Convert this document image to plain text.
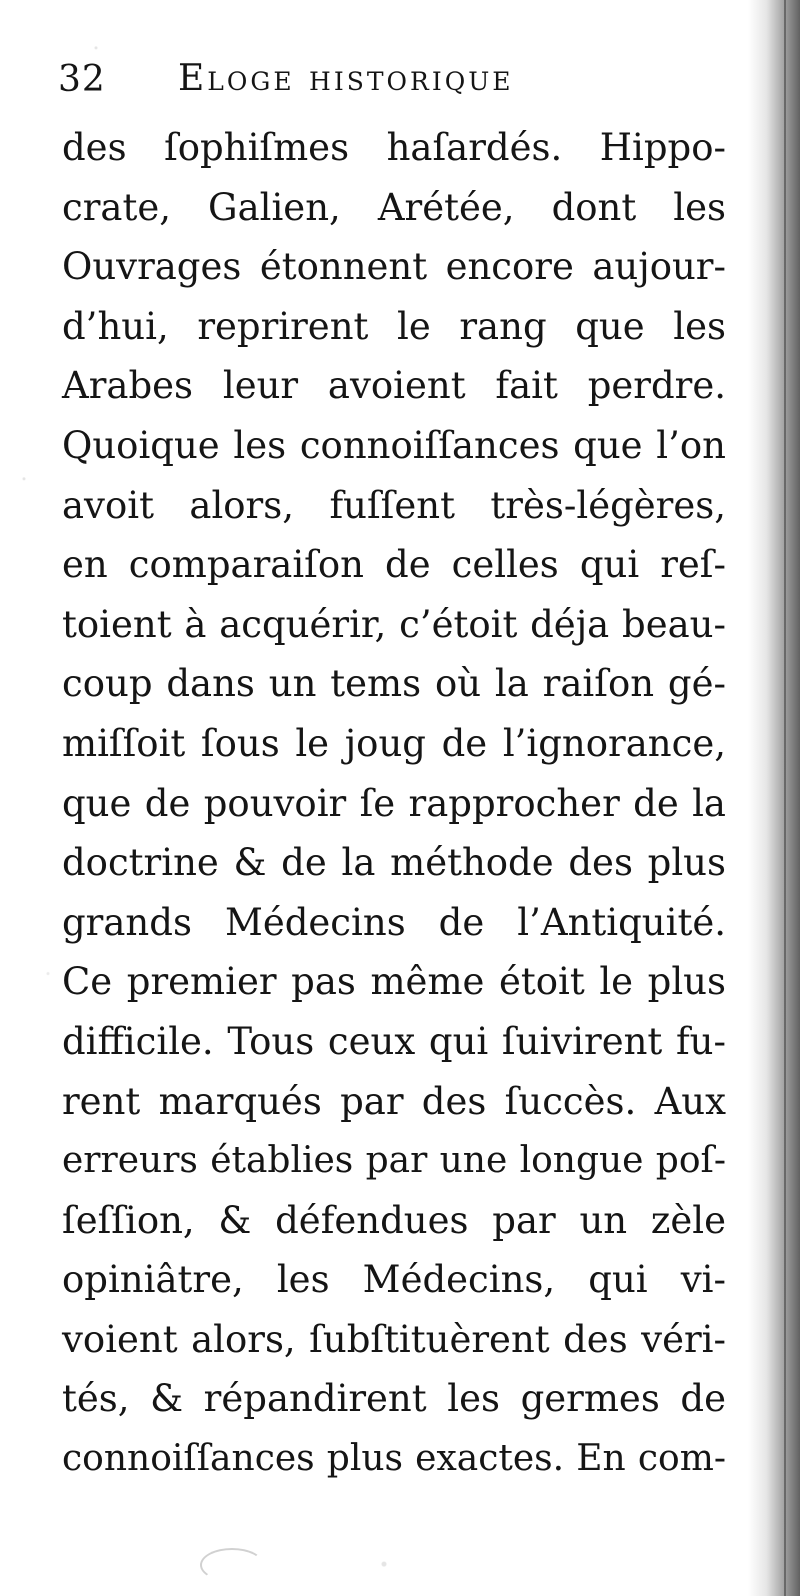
32 Eloge historique
des ſophiſmes haſardés. Hippo-
crate, Galien, Arétée, dont les
Ouvrages étonnent encore aujour-
d’hui, reprirent le rang que les
Arabes leur avoient fait perdre.
Quoique les connoiſſances que l’on
avoit alors, fuſſent très-légères,
en comparaiſon de celles qui reſ-
toient à acquérir, c’étoit déja beau-
coup dans un tems où la raiſon gé-
miſſoit ſous le joug de l’ignorance,
que de pouvoir ſe rapprocher de la
doctrine & de la méthode des plus
grands Médecins de l’Antiquité.
Ce premier pas même étoit le plus
difficile. Tous ceux qui ſuivirent fu-
rent marqués par des ſuccès. Aux
erreurs établies par une longue poſ-
ſeſſion, & défendues par un zèle
opiniâtre, les Médecins, qui vi-
voient alors, ſubſtituèrent des véri-
tés, & répandirent les germes de
connoiſſances plus exactes. En com-
